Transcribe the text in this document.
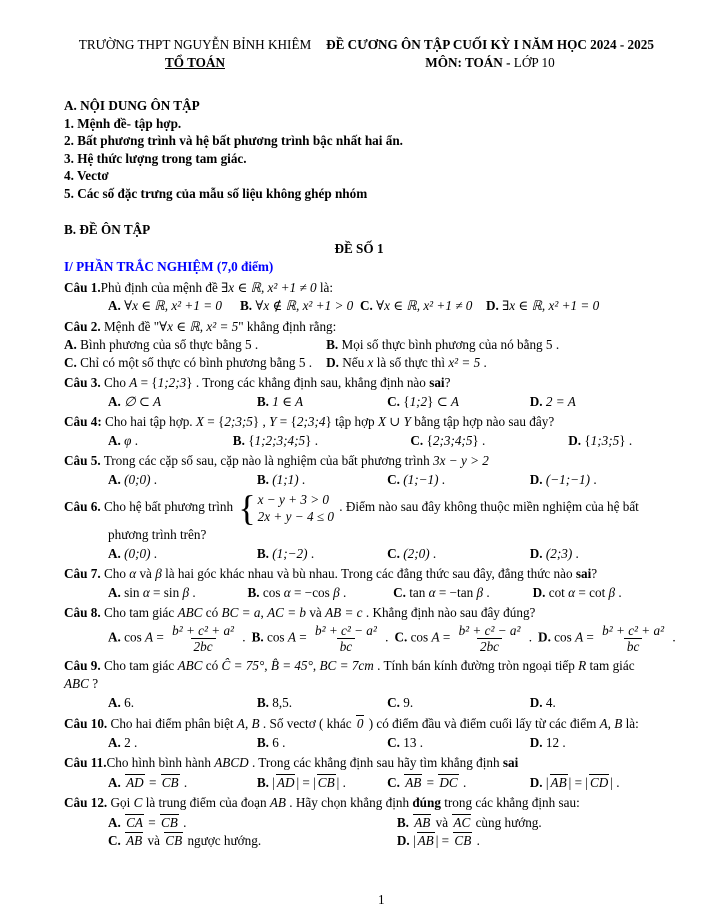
TRƯỜNG THPT NGUYỄN BỈNH KHIÊM
TỔ TOÁN
ĐỀ CƯƠNG ÔN TẬP CUỐI KỲ I NĂM HỌC 2024 - 2025
MÔN: TOÁN - LỚP 10
A. NỘI DUNG ÔN TẬP
1. Mệnh đề- tập hợp.
2. Bất phương trình và hệ bất phương trình bậc nhất hai ẩn.
3. Hệ thức lượng trong tam giác.
4. Vectơ
5. Các số đặc trưng của mẫu số liệu không ghép nhóm
B. ĐỀ ÔN TẬP
ĐỀ SỐ 1
I/ PHẦN TRẮC NGHIỆM (7,0 điểm)
Câu 1.Phủ định của mệnh đề ∃x ∈ ℝ, x² +1 ≠ 0 là:
A. ∀x ∈ ℝ, x² +1 = 0	B. ∀x ∉ ℝ, x² +1 > 0 C. ∀x ∈ ℝ, x² +1 ≠ 0	D. ∃x ∈ ℝ, x² +1 = 0
Câu 2. Mệnh đề "∀x ∈ ℝ, x² = 5" khẳng định rằng:
A. Bình phương của số thực bằng 5 .	B. Mọi số thực bình phương của nó bằng 5 .
C. Chỉ có một số thực có bình phương bằng 5 .	D. Nếu x là số thực thì x² = 5 .
Câu 3. Cho A = {1;2;3} . Trong các khẳng định sau, khẳng định nào sai?
A. ∅ ⊂ A	B. 1 ∈ A	C. {1;2} ⊂ A	D. 2 = A
Câu 4: Cho hai tập hợp. X = {2;3;5} , Y = {2;3;4} tập hợp X ∪ Y bằng tập hợp nào sau đây?
A. φ .	B. {1;2;3;4;5} .	C. {2;3;4;5} .	D. {1;3;5} .
Câu 5. Trong các cặp số sau, cặp nào là nghiệm của bất phương trình 3x − y > 2
A. (0;0) .	B. (1;1) .	C. (1;−1) .	D. (−1;−1) .
Câu 6. Cho hệ bất phương trình { x − y + 3 > 0
2x + y − 4 ≤ 0
. Điểm nào sau đây không thuộc miền nghiệm của hệ bất
phương trình trên?
A. (0;0) .	B. (1;−2) .	C. (2;0) .	D. (2;3) .
Câu 7. Cho α và β là hai góc khác nhau và bù nhau. Trong các đẳng thức sau đây, đẳng thức nào sai?
A. sin α = sin β .	B. cos α = −cos β .	C. tan α = −tan β .	D. cot α = cot β .
Câu 8. Cho tam giác ABC có BC = a, AC = b và AB = c . Khẳng định nào sau đây đúng?
A. $\cos A = \frac{\text{b² + c² + a²}}{2bc}$ . B. $\cos A = \frac{\text{b² + c² − a²}}{bc}$ . C. $\cos A = \frac{\text{b² + c² − a²}}{2bc}$ . D. $\cos A = \frac{\text{b² + c² + a²}}{bc}$ .
Câu 9. Cho tam giác ABC có Ĉ = 75°, B̂ = 45°, BC = 7cm . Tính bán kính đường tròn ngoại tiếp R tam giác
ABC ?
A. 6.	B. 8,5.	C. 9.	D. 4.
Câu 10. Cho hai điểm phân biệt A, B . Số vectơ ( khác 0 ) có điểm đầu và điểm cuối lấy từ các điểm A, B là:
A. 2 .	B. 6 .	C. 13 .	D. 12 .
Câu 11.Cho hình bình hành ABCD . Trong các khẳng định sau hãy tìm khẳng định sai
A. AD = CB .	B. | AD | = | CB | .	C. AB = DC .	D. | AB | = | CD | .
Câu 12. Gọi C là trung điểm của đoạn AB . Hãy chọn khẳng định đúng trong các khẳng định sau:
A. CA = CB .	B. AB và AC cùng hướng.
C. AB và CB ngược hướng.	D. | AB | = CB .
1
